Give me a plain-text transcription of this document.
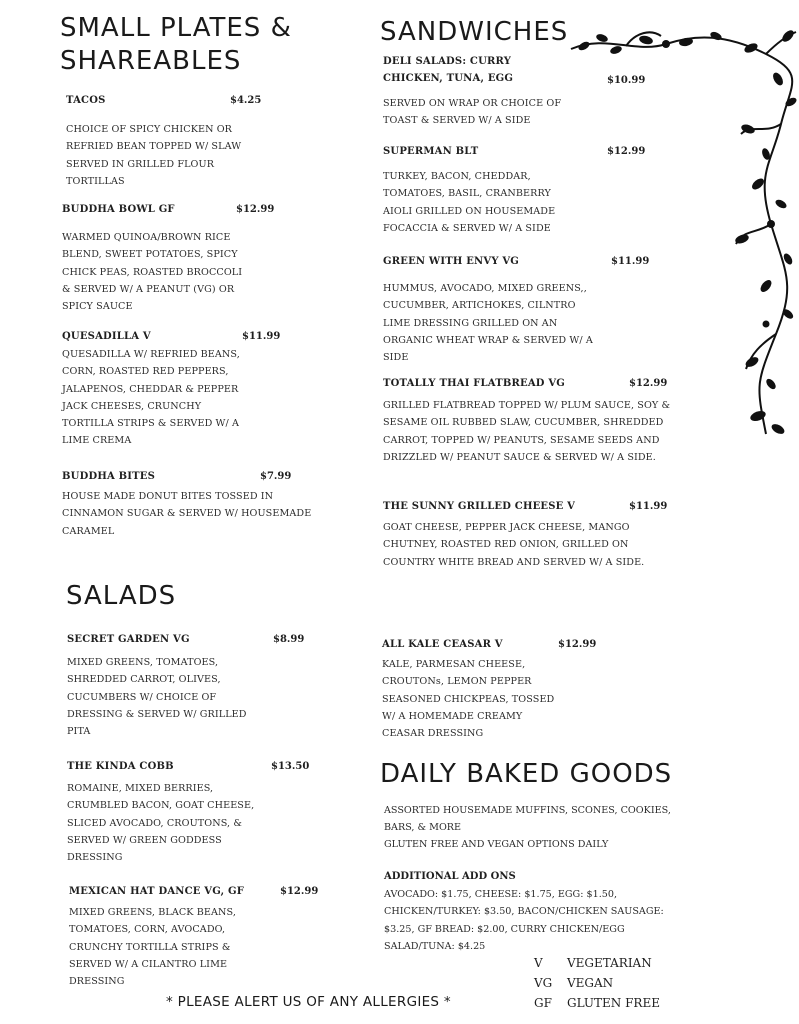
SMALL PLATES & SHAREABLES
SANDWICHES
SALADS
DAILY BAKED GOODS
TACOS	$4.25

CHOICE OF SPICY CHICKEN OR REFRIED BEAN TOPPED W/ SLAW SERVED IN GRILLED FLOUR TORTILLAS

BUDDHA BOWL GF	$12.99

WARMED QUINOA/BROWN RICE BLEND, SWEET POTATOES, SPICY CHICK PEAS, ROASTED BROCCOLI & SERVED W/ A PEANUT (VG) OR SPICY SAUCE

QUESADILLA V	$11.99

QUESADILLA W/ REFRIED BEANS, CORN, ROASTED RED PEPPERS, JALAPENOS, CHEDDAR & PEPPER JACK CHEESES, CRUNCHY TORTILLA STRIPS & SERVED W/ A LIME CREMA

BUDDHA BITES	$7.99

HOUSE MADE DONUT BITES TOSSED IN CINNAMON SUGAR & SERVED W/ HOUSEMADE CARAMEL

DELI SALADS: CURRY CHICKEN, TUNA, EGG	$10.99

SERVED ON WRAP OR CHOICE OF TOAST & SERVED W/ A SIDE

SUPERMAN BLT	$12.99

TURKEY, BACON, CHEDDAR, TOMATOES, BASIL, CRANBERRY AIOLI GRILLED ON HOUSEMADE FOCACCIA & SERVED W/ A SIDE

GREEN WITH ENVY VG	$11.99

HUMMUS, AVOCADO, MIXED GREENS,, CUCUMBER, ARTICHOKES, CILNTRO LIME DRESSING GRILLED ON AN ORGANIC WHEAT WRAP & SERVED W/ A SIDE

TOTALLY THAI FLATBREAD VG	$12.99

GRILLED FLATBREAD TOPPED W/ PLUM SAUCE, SOY & SESAME OIL RUBBED SLAW, CUCUMBER, SHREDDED CARROT, TOPPED W/ PEANUTS, SESAME SEEDS AND DRIZZLED W/ PEANUT SAUCE & SERVED W/ A SIDE.

THE SUNNY GRILLED CHEESE V	$11.99

GOAT CHEESE, PEPPER JACK CHEESE, MANGO CHUTNEY, ROASTED RED ONION, GRILLED ON COUNTRY WHITE BREAD AND SERVED W/ A SIDE.

SECRET GARDEN VG	$8.99

MIXED GREENS, TOMATOES, SHREDDED CARROT, OLIVES, CUCUMBERS W/ CHOICE OF DRESSING & SERVED W/ GRILLED PITA

THE KINDA COBB	$13.50

ROMAINE, MIXED BERRIES, CRUMBLED BACON, GOAT CHEESE, SLICED AVOCADO, CROUTONS, & SERVED W/ GREEN GODDESS DRESSING

MEXICAN HAT DANCE VG, GF	$12.99

MIXED GREENS, BLACK BEANS, TOMATOES, CORN, AVOCADO, CRUNCHY TORTILLA STRIPS & SERVED W/ A CILANTRO LIME DRESSING

ALL KALE CEASAR V	$12.99

KALE, PARMESAN CHEESE, CROUTONs, LEMON PEPPER SEASONED CHICKPEAS, TOSSED W/ A HOMEMADE CREAMY CEASAR DRESSING

ASSORTED HOUSEMADE MUFFINS, SCONES, COOKIES, BARS, & MORE

GLUTEN FREE AND VEGAN OPTIONS DAILY

ADDITIONAL ADD ONS

AVOCADO: $1.75, CHEESE: $1.75, EGG: $1.50, CHICKEN/TURKEY: $3.50, BACON/CHICKEN SAUSAGE: $3.25, GF BREAD: $2.00, CURRY CHICKEN/EGG SALAD/TUNA: $4.25

V VEGETARIAN
VG VEGAN
GF GLUTEN FREE

* PLEASE ALERT US OF ANY ALLERGIES *
